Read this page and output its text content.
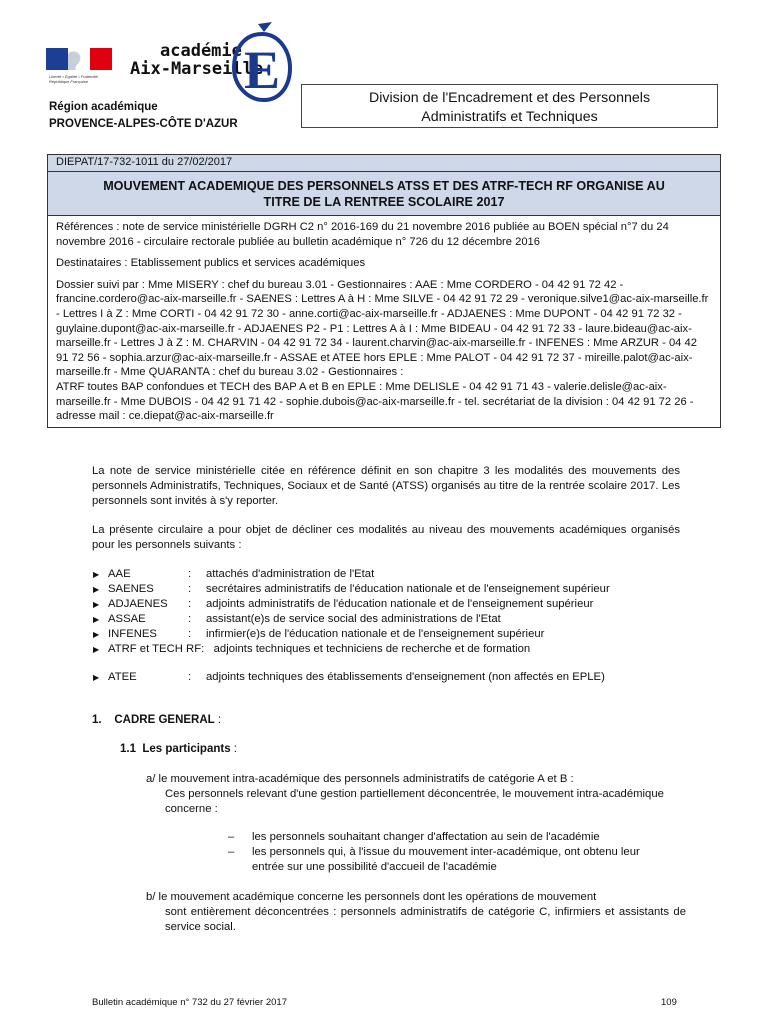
Liberté • Égalité • Fraternité
République Française
académie
Aix-Marseille
E
Région académique
PROVENCE-ALPES-CÔTE D'AZUR
Division de l'Encadrement et des Personnels
Administratifs et Techniques
DIEPAT/17-732-1011 du 27/02/2017
MOUVEMENT ACADEMIQUE DES PERSONNELS ATSS ET DES ATRF-TECH RF ORGANISE AU
TITRE DE LA RENTREE SCOLAIRE 2017

Références : note de service ministérielle DGRH C2 n° 2016-169 du 21 novembre 2016 publiée au BOEN spécial n°7 du 24 novembre 2016 - circulaire rectorale publiée au bulletin académique n° 726 du 12 décembre 2016

Destinataires : Etablissement publics et services académiques

Dossier suivi par : Mme MISERY : chef du bureau 3.01 - Gestionnaires : AAE : Mme CORDERO - 04 42 91 72 42 - francine.cordero@ac-aix-marseille.fr - SAENES : Lettres A à H : Mme SILVE - 04 42 91 72 29 - veronique.silve1@ac-aix-marseille.fr - Lettres I à Z : Mme CORTI - 04 42 91 72 30 - anne.corti@ac-aix-marseille.fr - ADJAENES : Mme DUPONT - 04 42 91 72 32 - guylaine.dupont@ac-aix-marseille.fr - ADJAENES P2 - P1 : Lettres A à I : Mme BIDEAU - 04 42 91 72 33 - laure.bideau@ac-aix-marseille.fr - Lettres J à Z : M. CHARVIN - 04 42 91 72 34 - laurent.charvin@ac-aix-marseille.fr - INFENES : Mme ARZUR - 04 42 91 72 56 - sophia.arzur@ac-aix-marseille.fr - ASSAE et ATEE hors EPLE : Mme PALOT - 04 42 91 72 37 - mireille.palot@ac-aix-marseille.fr - Mme QUARANTA : chef du bureau 3.02 - Gestionnaires :
ATRF toutes BAP confondues et TECH des BAP A et B en EPLE : Mme DELISLE - 04 42 91 71 43 - valerie.delisle@ac-aix-marseille.fr - Mme DUBOIS - 04 42 91 71 42 - sophie.dubois@ac-aix-marseille.fr - tel. secrétariat de la division : 04 42 91 72 26 - adresse mail : ce.diepat@ac-aix-marseille.fr

La note de service ministérielle citée en référence définit en son chapitre 3 les modalités des mouvements des personnels Administratifs, Techniques, Sociaux et de Santé (ATSS) organisés au titre de la rentrée scolaire 2017. Les personnels sont invités à s'y reporter.
La présente circulaire a pour objet de décliner ces modalités au niveau des mouvements académiques organisés pour les personnels suivants :
▶ AAE	:	attachés d'administration de l'Etat
▶ SAENES	:	secrétaires administratifs de l'éducation nationale et de l'enseignement supérieur
▶ ADJAENES	:	adjoints administratifs de l'éducation nationale et de l'enseignement supérieur
▶ ASSAE	:	assistant(e)s de service social des administrations de l'Etat
▶ INFENES	:	infirmier(e)s de l'éducation nationale et de l'enseignement supérieur
▶ ATRF et TECH RF:   adjoints techniques et techniciens de recherche et de formation
▶ ATEE	:	adjoints techniques des établissements d'enseignement (non affectés en EPLE)
1. CADRE GENERAL :
1.1 Les participants :
a/ le mouvement intra-académique des personnels administratifs de catégorie A et B :
Ces personnels relevant d'une gestion partiellement déconcentrée, le mouvement intra-académique concerne :
–	les personnels souhaitant changer d'affectation au sein de l'académie
–	les personnels qui, à l'issue du mouvement inter-académique, ont obtenu leur entrée sur une possibilité d'accueil de l'académie
b/ le mouvement académique concerne les personnels dont les opérations de mouvement
sont entièrement déconcentrées : personnels administratifs de catégorie C, infirmiers et assistants de service social.
Bulletin académique n° 732 du 27 février 2017	109
